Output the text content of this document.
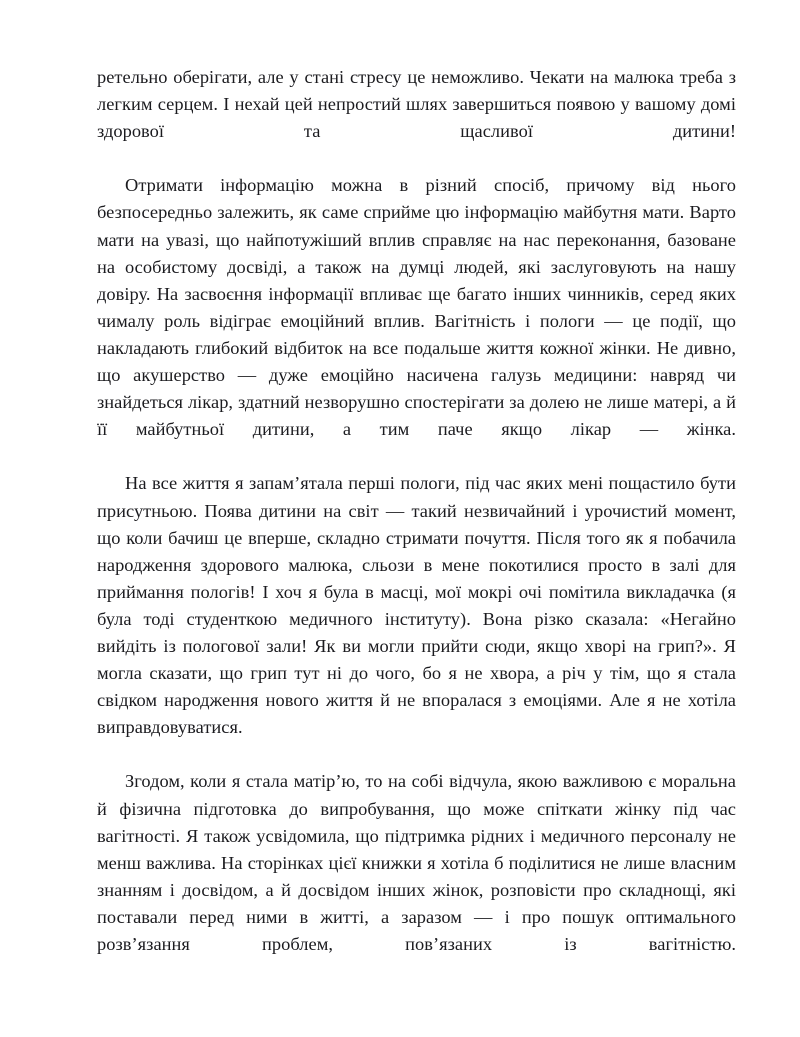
ретельно оберігати, але у стані стресу це неможливо. Чекати на малюка треба з легким серцем. І нехай цей непростий шлях завершиться появою у вашому домі здорової та щасливої дитини!

Отримати інформацію можна в різний спосіб, причому від нього безпосередньо залежить, як саме сприйме цю інформацію майбутня мати. Варто мати на увазі, що найпотужіший вплив справляє на нас переконання, базоване на особистому досвіді, а також на думці людей, які заслуговують на нашу довіру. На засвоєння інформації впливає ще багато інших чинників, серед яких чималу роль відіграє емоційний вплив. Вагітність і пологи — це події, що накладають глибокий відбиток на все подальше життя кожної жінки. Не дивно, що акушерство — дуже емоційно насичена галузь медицини: навряд чи знайдеться лікар, здатний незворушно спостерігати за долею не лише матері, а й її майбутньої дитини, а тим паче якщо лікар — жінка.

На все життя я запам’ятала перші пологи, під час яких мені пощастило бути присутньою. Поява дитини на світ — такий незвичайний і урочистий момент, що коли бачиш це вперше, складно стримати почуття. Після того як я побачила народження здорового малюка, сльози в мене покотилися просто в залі для приймання пологів! І хоч я була в масці, мої мокрі очі помітила викладачка (я була тоді студенткою медичного інституту). Вона різко сказала: «Негайно вийдіть із пологової зали! Як ви могли прийти сюди, якщо хворі на грип?». Я могла сказати, що грип тут ні до чого, бо я не хвора, а річ у тім, що я стала свідком народження нового життя й не впоралася з емоціями. Але я не хотіла виправдовуватися.

Згодом, коли я стала матір’ю, то на собі відчула, якою важливою є моральна й фізична підготовка до випробування, що може спіткати жінку під час вагітності. Я також усвідомила, що підтримка рідних і медичного персоналу не менш важлива. На сторінках цієї книжки я хотіла б поділитися не лише власним знанням і досвідом, а й досвідом інших жінок, розповісти про складнощі, які поставали перед ними в житті, а заразом — і про пошук оптимального розв’язання проблем, пов’язаних із вагітністю.
